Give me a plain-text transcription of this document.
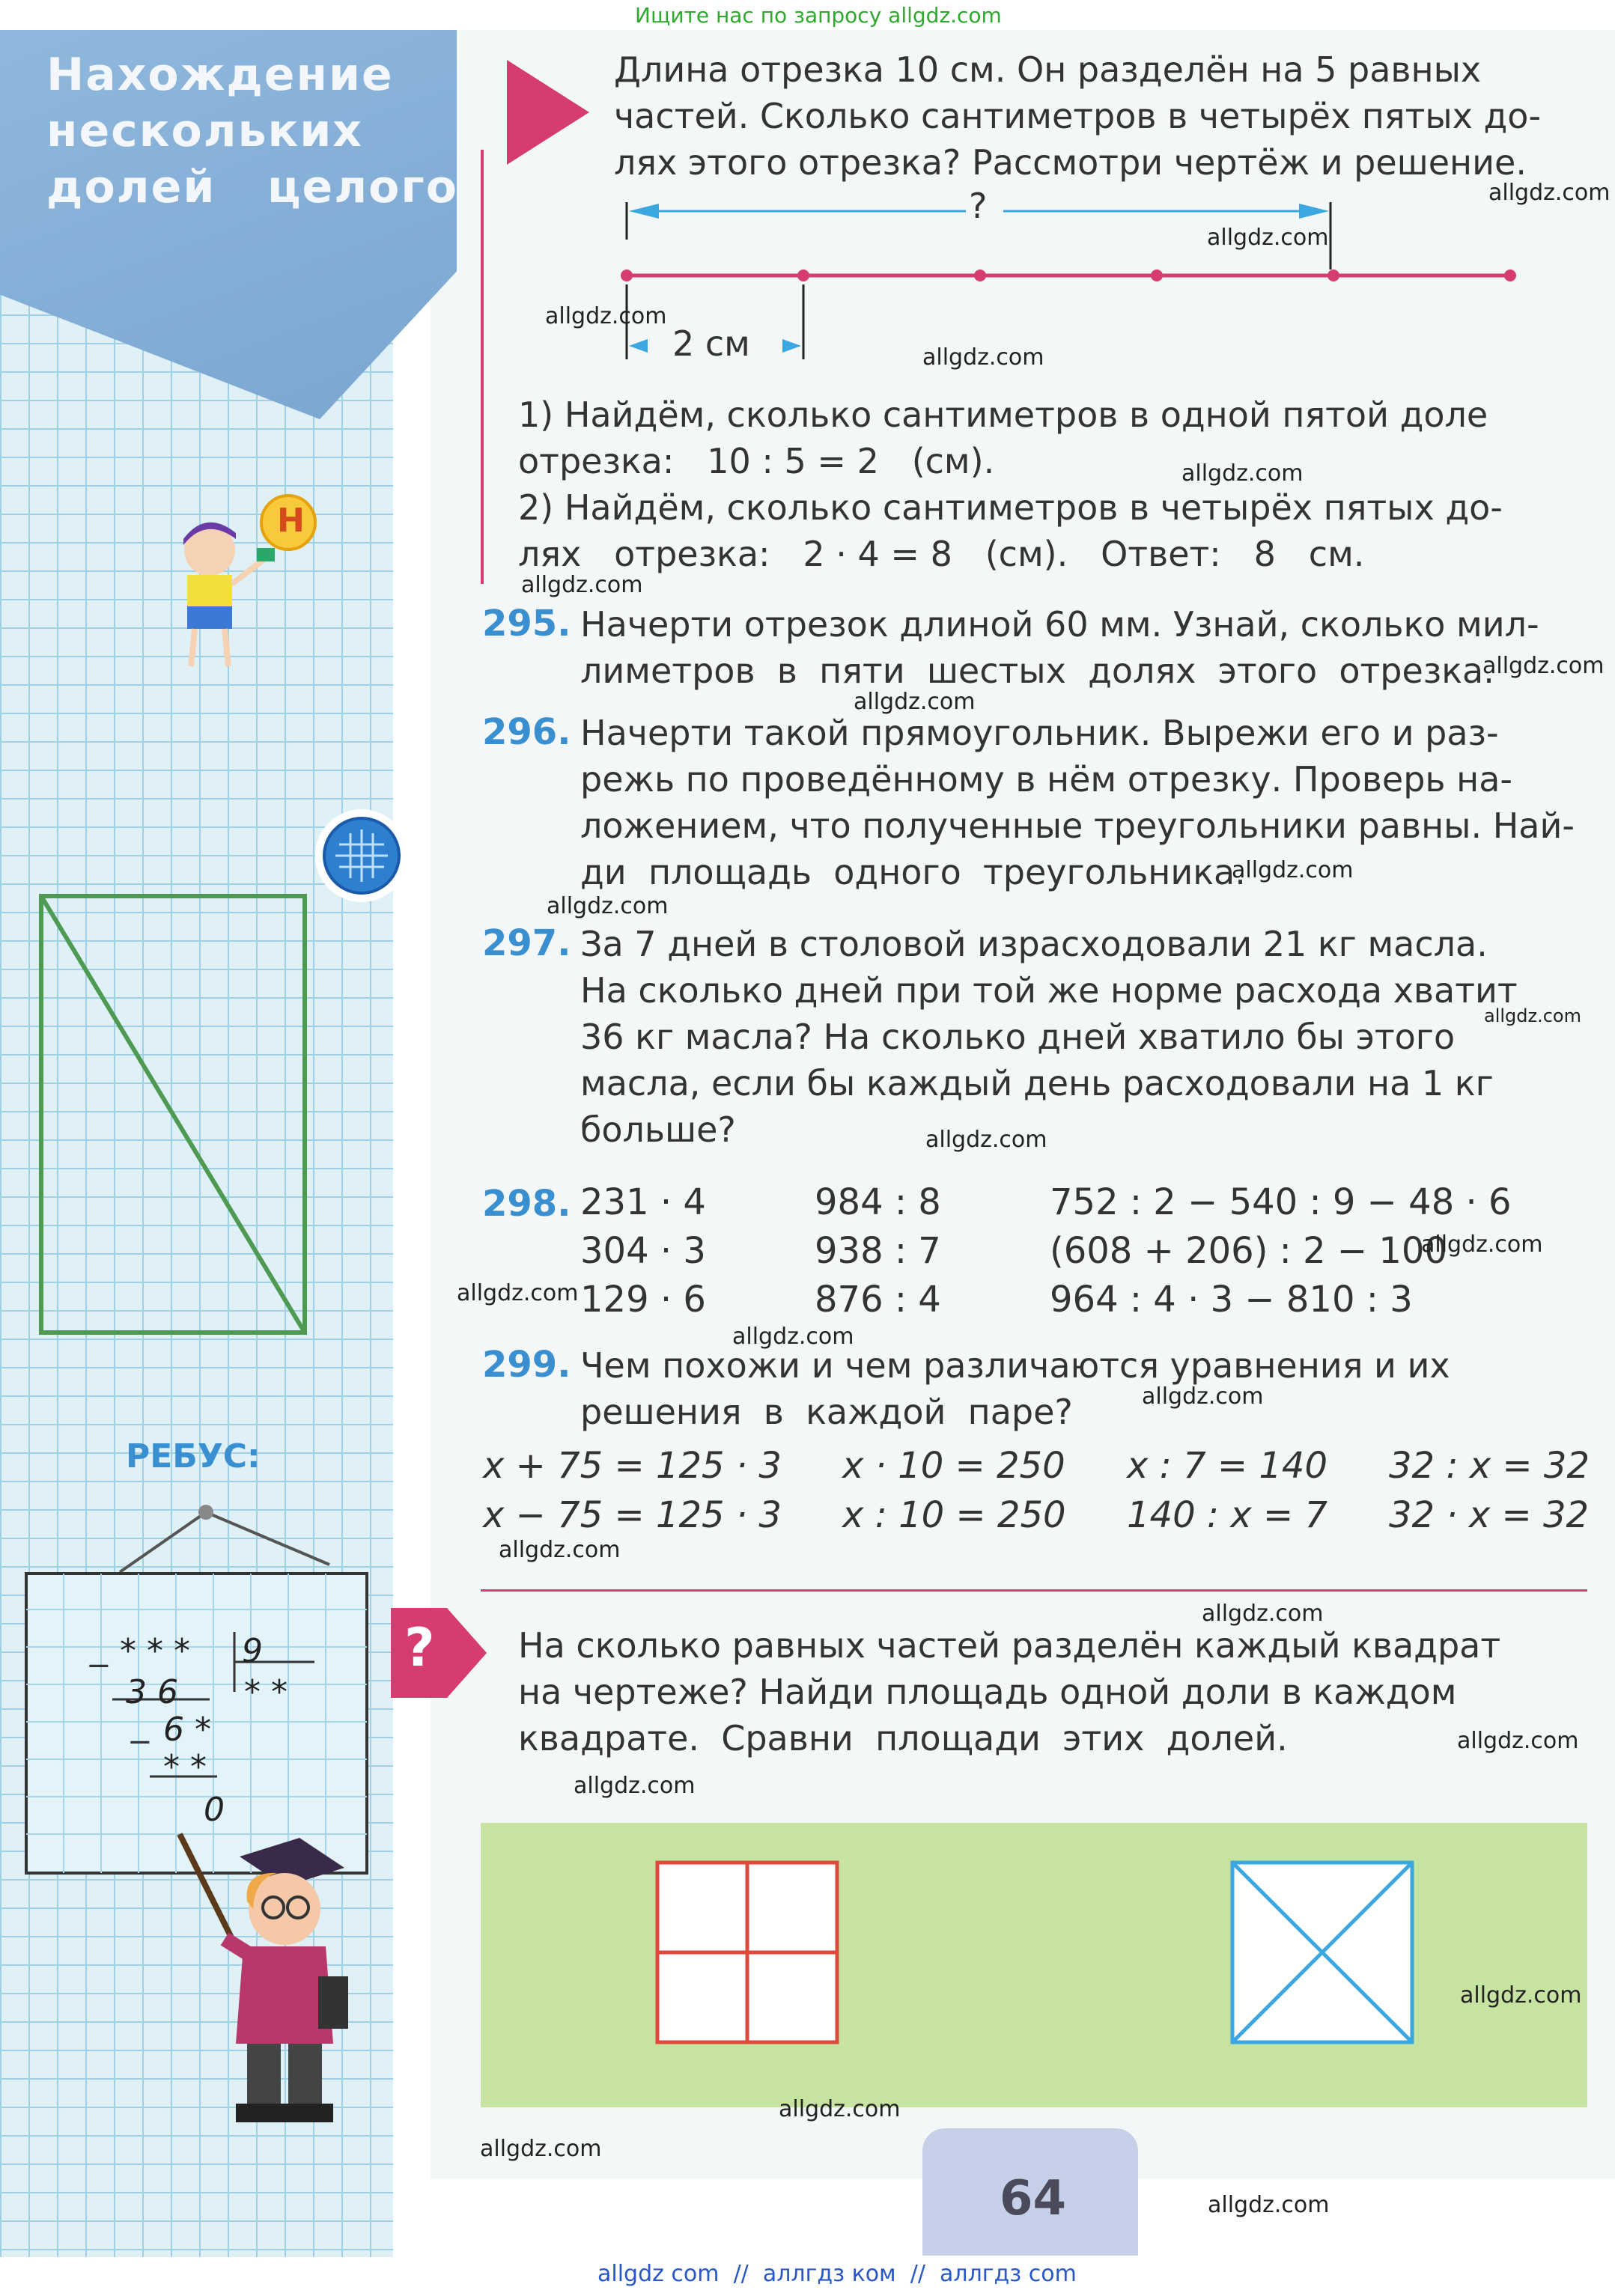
Ищите нас по запросу allgdz.com
Нахождение
нескольких
долей   целого
Длина отрезка 10 см. Он разделён на 5 равных
частей. Сколько сантиметров в четырёх пятых до-
лях этого отрезка? Рассмотри чертёж и решение.
?
2 см
1) Найдём, сколько сантиметров в одной пятой доле
отрезка:   10 : 5 = 2   (см).
2) Найдём, сколько сантиметров в четырёх пятых до-
лях   отрезка:   2 · 4 = 8   (см).   Ответ:   8   см.
Н
295. Начерти отрезок длиной 60 мм. Узнай, сколько мил-
лиметров  в  пяти  шестых  долях  этого  отрезка.
296. Начерти такой прямоугольник. Вырежи его и раз-
режь по проведённому в нём отрезку. Проверь на-
ложением, что полученные треугольники равны. Най-
ди  площадь  одного  треугольника.
297. За 7 дней в столовой израсходовали 21 кг масла.
На сколько дней при той же норме расхода хватит
36 кг масла? На сколько дней хватило бы этого
масла, если бы каждый день расходовали на 1 кг
больше?
298. 231 · 4
304 · 3
129 · 6
984 : 8
938 : 7
876 : 4
752 : 2 − 540 : 9 − 48 · 6
(608 + 206) : 2 − 100
964 : 4 · 3 − 810 : 3
299. Чем похожи и чем различаются уравнения и их
решения  в  каждой  паре?
x + 75 = 125 · 3 x · 10 = 250 x : 7 = 140 32 : x = 32
x − 75 = 125 · 3 x : 10 = 250 140 : x = 7 32 · x = 32
РЕБУС:
−
−
* * * 9
3 6 * *
6 *
* *
0
? На сколько равных частей разделён каждый квадрат
на чертеже? Найди площадь одной доли в каждом
квадрате.  Сравни  площади  этих  долей.
64
allgdz.com
allgdz.com
allgdz.com
allgdz.com
allgdz.com
allgdz.com
allgdz.com
allgdz.com
allgdz.com
allgdz.com
allgdz.com
allgdz.com
allgdz.com
allgdz.com
allgdz.com
allgdz.com
allgdz.com
allgdz.com
allgdz.com
allgdz.com
allgdz.com
allgdz.com
allgdz.com
allgdz.com
allgdz com  //  аллгдз ком  //  аллгдз com
